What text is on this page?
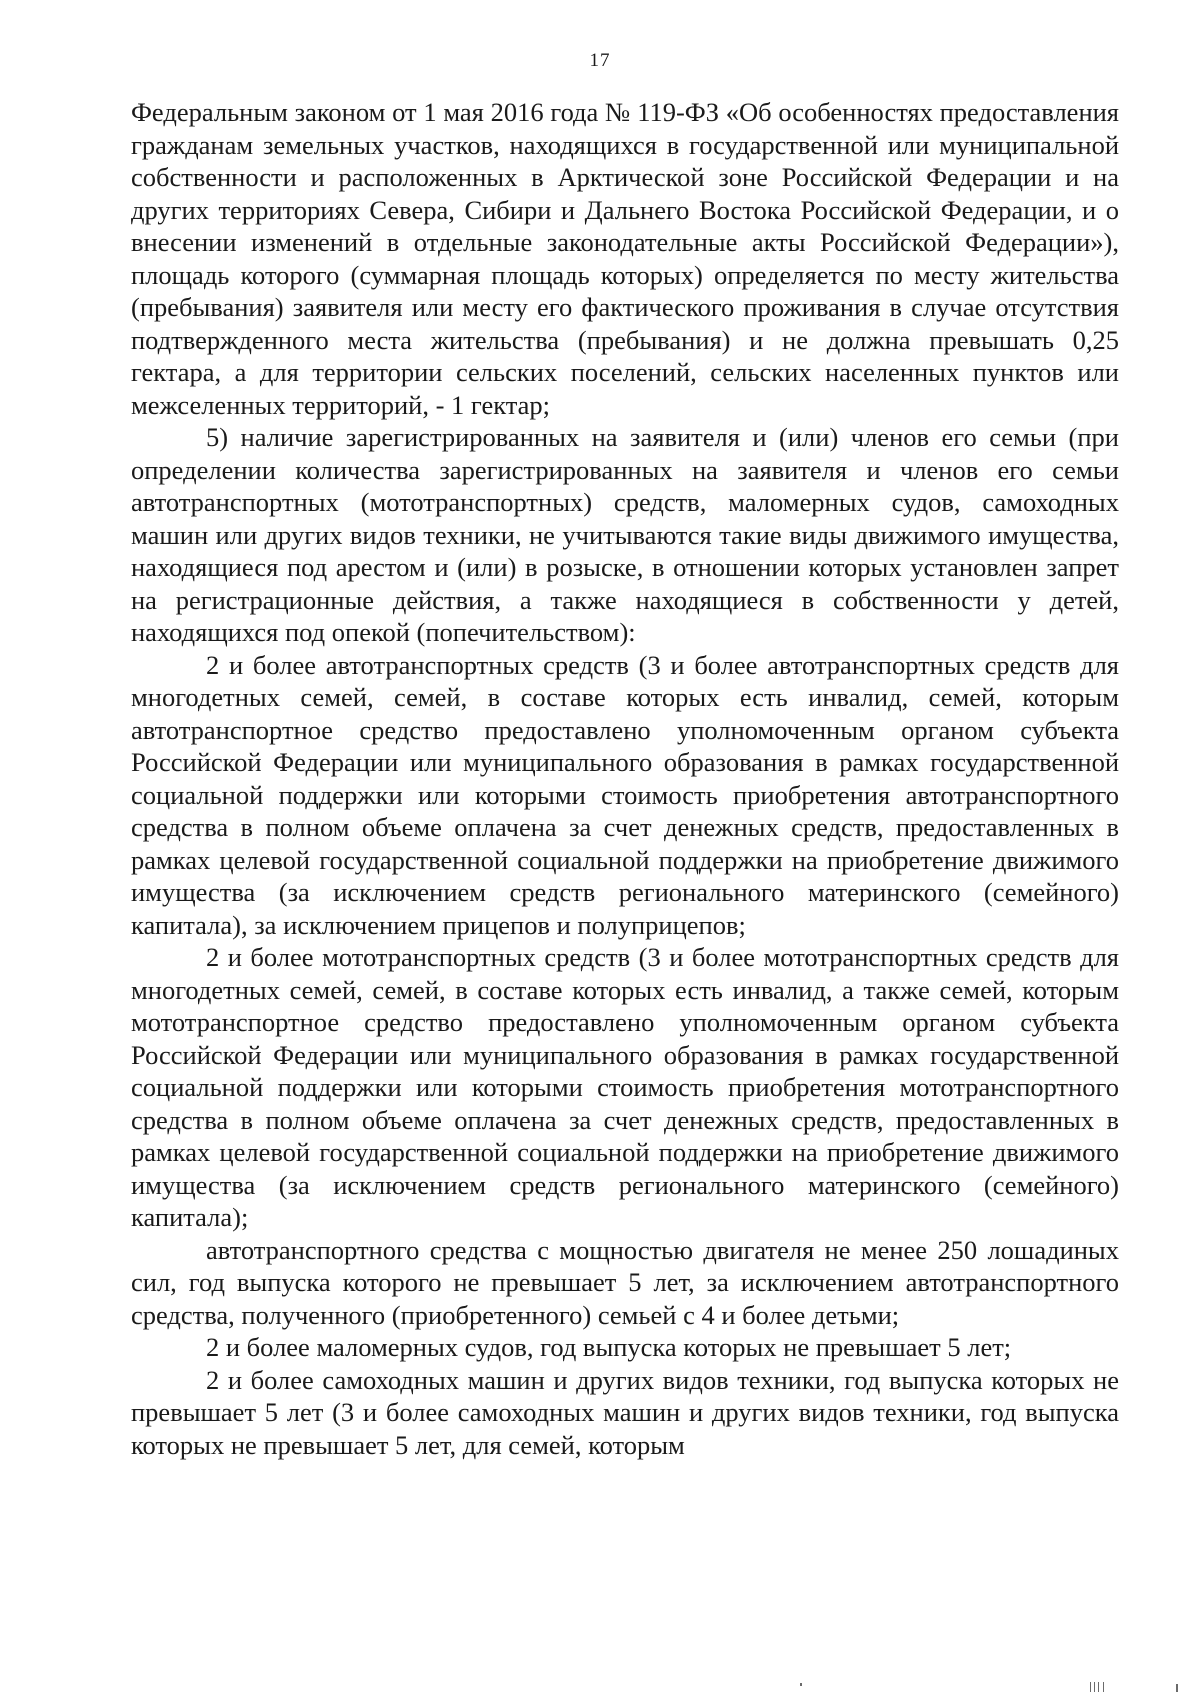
17

Федеральным законом от 1 мая 2016 года № 119-ФЗ «Об особенностях предоставления гражданам земельных участков, находящихся в государственной или муниципальной собственности и расположенных в Арктической зоне Российской Федерации и на других территориях Севера, Сибири и Дальнего Востока Российской Федерации, и о внесении изменений в отдельные законодательные акты Российской Федерации»), площадь которого (суммарная площадь которых) определяется по месту жительства (пребывания) заявителя или месту его фактического проживания в случае отсутствия подтвержденного места жительства (пребывания) и не должна превышать 0,25 гектара, а для территории сельских поселений, сельских населенных пунктов или межселенных территорий, - 1 гектар;

5) наличие зарегистрированных на заявителя и (или) членов его семьи (при определении количества зарегистрированных на заявителя и членов его семьи автотранспортных (мототранспортных) средств, маломерных судов, самоходных машин или других видов техники, не учитываются такие виды движимого имущества, находящиеся под арестом и (или) в розыске, в отношении которых установлен запрет на регистрационные действия, а также находящиеся в собственности у детей, находящихся под опекой (попечительством):

2 и более автотранспортных средств (3 и более автотранспортных средств для многодетных семей, семей, в составе которых есть инвалид, семей, которым автотранспортное средство предоставлено уполномоченным органом субъекта Российской Федерации или муниципального образования в рамках государственной социальной поддержки или которыми стоимость приобретения автотранспортного средства в полном объеме оплачена за счет денежных средств, предоставленных в рамках целевой государственной социальной поддержки на приобретение движимого имущества (за исключением средств регионального материнского (семейного) капитала), за исключением прицепов и полуприцепов;

2 и более мототранспортных средств (3 и более мототранспортных средств для многодетных семей, семей, в составе которых есть инвалид, а также семей, которым мототранспортное средство предоставлено уполномоченным органом субъекта Российской Федерации или муниципального образования в рамках государственной социальной поддержки или которыми стоимость приобретения мототранспортного средства в полном объеме оплачена за счет денежных средств, предоставленных в рамках целевой государственной социальной поддержки на приобретение движимого имущества (за исключением средств регионального материнского (семейного) капитала);

автотранспортного средства с мощностью двигателя не менее 250 лошадиных сил, год выпуска которого не превышает 5 лет, за исключением автотранспортного средства, полученного (приобретенного) семьей с 4 и более детьми;

2 и более маломерных судов, год выпуска которых не превышает 5 лет;

2 и более самоходных машин и других видов техники, год выпуска которых не превышает 5 лет (3 и более самоходных машин и других видов техники, год выпуска которых не превышает 5 лет, для семей, которым
